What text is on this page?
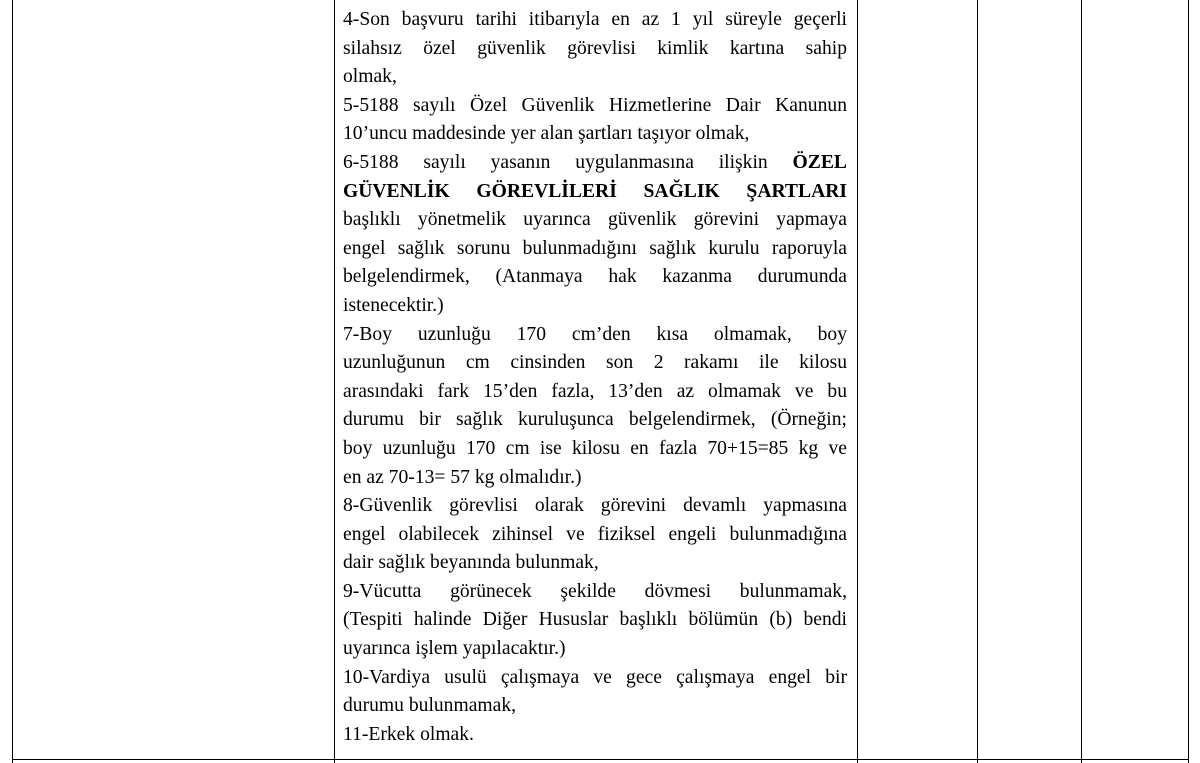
4-Son başvuru tarihi itibarıyla en az 1 yıl süreyle geçerli
silahsız özel güvenlik görevlisi kimlik kartına sahip
olmak,
5-5188 sayılı Özel Güvenlik Hizmetlerine Dair Kanunun
10’uncu maddesinde yer alan şartları taşıyor olmak,
6-5188 sayılı yasanın uygulanmasına ilişkin ÖZEL
GÜVENLİK GÖREVLİLERİ SAĞLIK ŞARTLARI
başlıklı yönetmelik uyarınca güvenlik görevini yapmaya
engel sağlık sorunu bulunmadığını sağlık kurulu raporuyla
belgelendirmek, (Atanmaya hak kazanma durumunda
istenecektir.)
7-Boy uzunluğu 170 cm’den kısa olmamak, boy
uzunluğunun cm cinsinden son 2 rakamı ile kilosu
arasındaki fark 15’den fazla, 13’den az olmamak ve bu
durumu bir sağlık kuruluşunca belgelendirmek, (Örneğin;
boy uzunluğu 170 cm ise kilosu en fazla 70+15=85 kg ve
en az 70-13= 57 kg olmalıdır.)
8-Güvenlik görevlisi olarak görevini devamlı yapmasına
engel olabilecek zihinsel ve fiziksel engeli bulunmadığına
dair sağlık beyanında bulunmak,
9-Vücutta görünecek şekilde dövmesi bulunmamak,
(Tespiti halinde Diğer Hususlar başlıklı bölümün (b) bendi
uyarınca işlem yapılacaktır.)
10-Vardiya usulü çalışmaya ve gece çalışmaya engel bir
durumu bulunmamak,
11-Erkek olmak.
